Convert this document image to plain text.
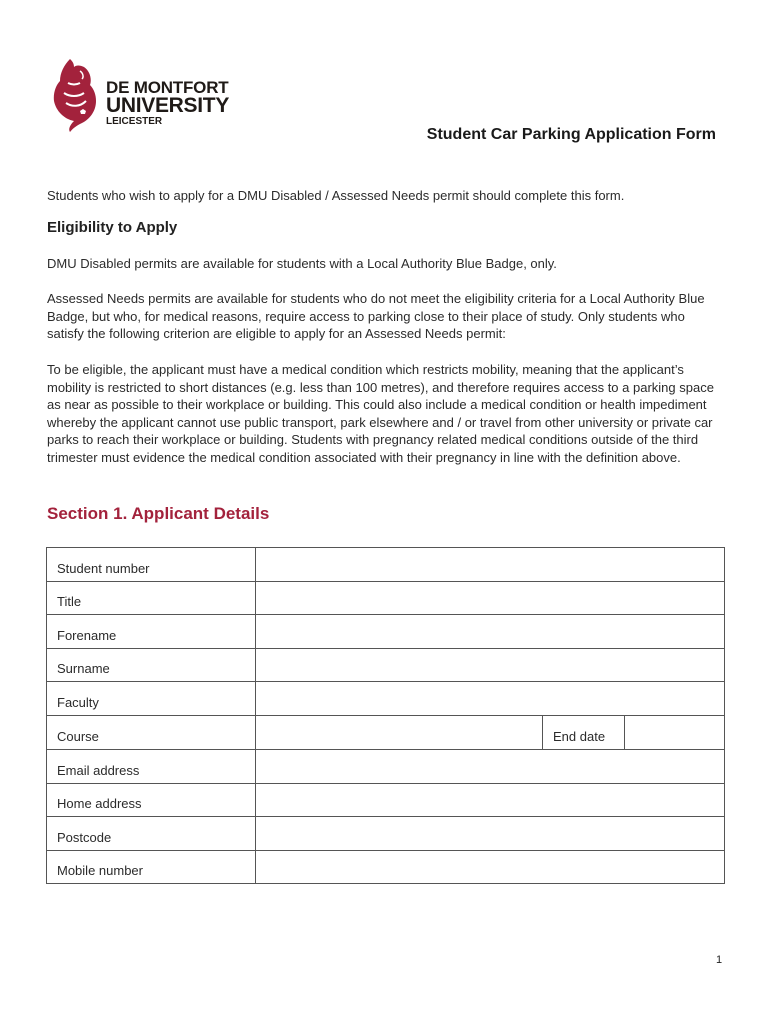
DE MONTFORT
UNIVERSITY
LEICESTER
Student Car Parking Application Form
Students who wish to apply for a DMU Disabled / Assessed Needs permit should complete this form.
Eligibility to Apply
DMU Disabled permits are available for students with a Local Authority Blue Badge, only.
Assessed Needs permits are available for students who do not meet the eligibility criteria for a Local Authority Blue Badge, but who, for medical reasons, require access to parking close to their place of study. Only students who satisfy the following criterion are eligible to apply for an Assessed Needs permit:
To be eligible, the applicant must have a medical condition which restricts mobility, meaning that the applicant’s mobility is restricted to short distances (e.g. less than 100 metres), and therefore requires access to a parking space as near as possible to their workplace or building. This could also include a medical condition or health impediment whereby the applicant cannot use public transport, park elsewhere and / or travel from other university or private car parks to reach their workplace or building. Students with pregnancy related medical conditions outside of the third trimester must evidence the medical condition associated with their pregnancy in line with the definition above.
Section 1. Applicant Details
Student number	
Title	
Forename	
Surname	
Faculty	
Course	End date

Email address	
Home address	
Postcode	
Mobile number	
1
